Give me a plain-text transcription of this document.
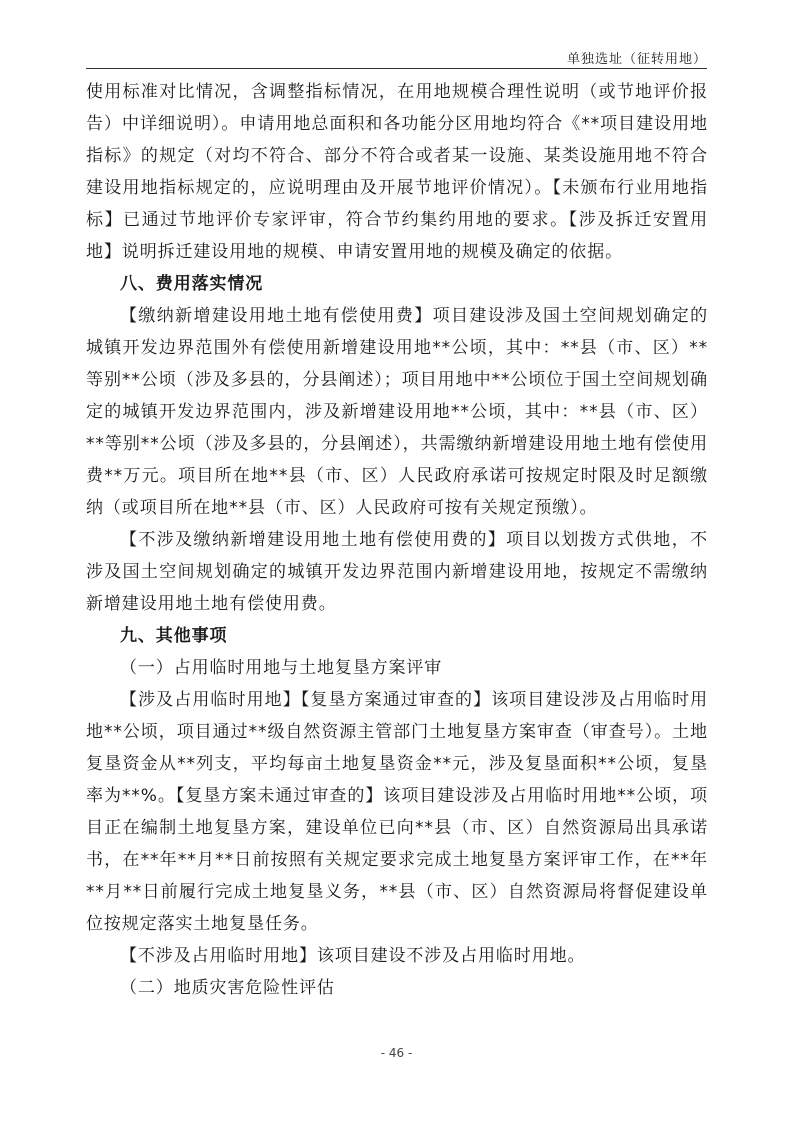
单独选址（征转用地）

使用标准对比情况，含调整指标情况，在用地规模合理性说明（或节地评价报告）中详细说明）。申请用地总面积和各功能分区用地均符合《**项目建设用地指标》的规定（对均不符合、部分不符合或者某一设施、某类设施用地不符合建设用地指标规定的，应说明理由及开展节地评价情况）。【未颁布行业用地指标】已通过节地评价专家评审，符合节约集约用地的要求。【涉及拆迁安置用地】说明拆迁建设用地的规模、申请安置用地的规模及确定的依据。

八、费用落实情况

【缴纳新增建设用地土地有偿使用费】项目建设涉及国土空间规划确定的城镇开发边界范围外有偿使用新增建设用地**公顷，其中：**县（市、区）**等别**公顷（涉及多县的，分县阐述）；项目用地中**公顷位于国土空间规划确定的城镇开发边界范围内，涉及新增建设用地**公顷，其中：**县（市、区）**等别**公顷（涉及多县的，分县阐述），共需缴纳新增建设用地土地有偿使用费**万元。项目所在地**县（市、区）人民政府承诺可按规定时限及时足额缴纳（或项目所在地**县（市、区）人民政府可按有关规定预缴）。

【不涉及缴纳新增建设用地土地有偿使用费的】项目以划拨方式供地，不涉及国土空间规划确定的城镇开发边界范围内新增建设用地，按规定不需缴纳新增建设用地土地有偿使用费。

九、其他事项

（一）占用临时用地与土地复垦方案评审

【涉及占用临时用地】【复垦方案通过审查的】该项目建设涉及占用临时用地**公顷，项目通过**级自然资源主管部门土地复垦方案审查（审查号）。土地复垦资金从**列支，平均每亩土地复垦资金**元，涉及复垦面积**公顷，复垦率为**%。【复垦方案未通过审查的】该项目建设涉及占用临时用地**公顷，项目正在编制土地复垦方案，建设单位已向**县（市、区）自然资源局出具承诺书，在**年**月**日前按照有关规定要求完成土地复垦方案评审工作，在**年**月**日前履行完成土地复垦义务，**县（市、区）自然资源局将督促建设单位按规定落实土地复垦任务。

【不涉及占用临时用地】该项目建设不涉及占用临时用地。

（二）地质灾害危险性评估

- 46 -
